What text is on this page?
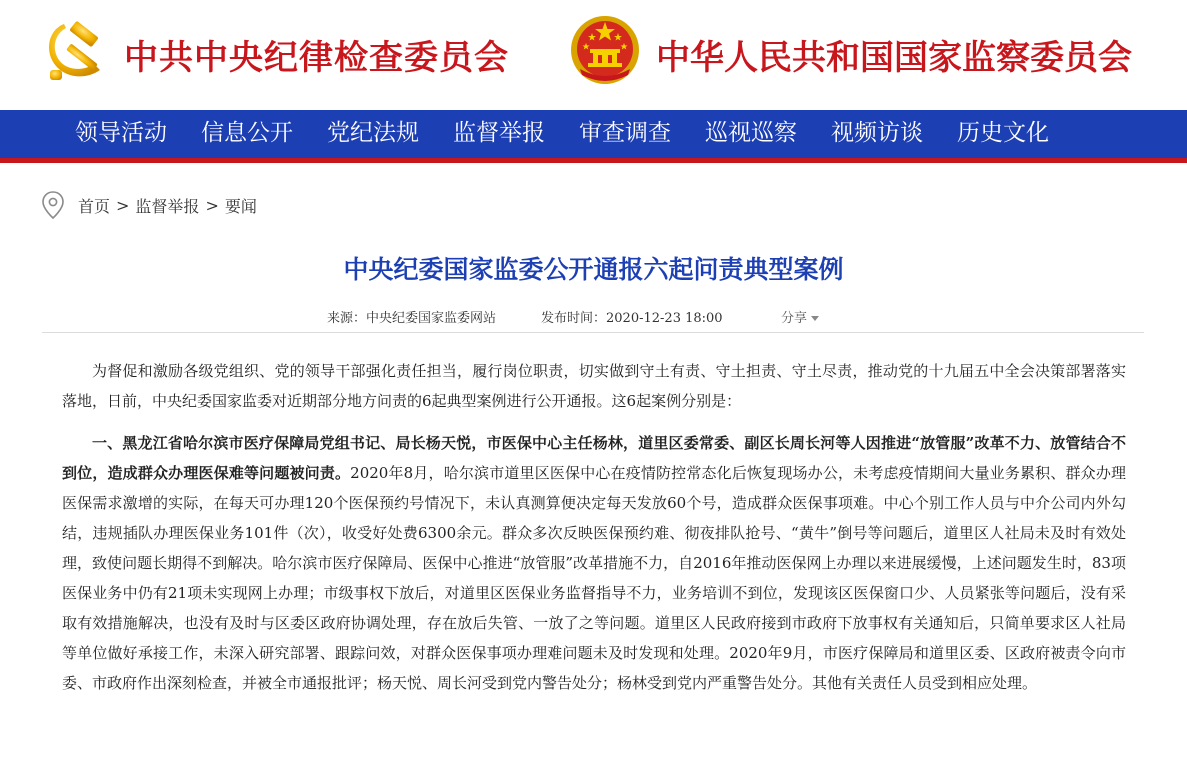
中共中央纪律检查委员会	中华人民共和国国家监察委员会
领导活动	信息公开	党纪法规	监督举报	审查调查	巡视巡察	视频访谈	历史文化
首页 > 监督举报 > 要闻
中央纪委国家监委公开通报六起问责典型案例
来源：中央纪委国家监委网站	发布时间：2020-12-23 18:00	分享

为督促和激励各级党组织、党的领导干部强化责任担当，履行岗位职责，切实做到守土有责、守土担责、守土尽责，推动党的十九届五中全会决策部署落实落地，日前，中央纪委国家监委对近期部分地方问责的6起典型案例进行公开通报。这6起案例分别是：

一、黑龙江省哈尔滨市医疗保障局党组书记、局长杨天悦，市医保中心主任杨林，道里区委常委、副区长周长河等人因推进“放管服”改革不力、放管结合不到位，造成群众办理医保难等问题被问责。2020年8月，哈尔滨市道里区医保中心在疫情防控常态化后恢复现场办公，未考虑疫情期间大量业务累积、群众办理医保需求激增的实际，在每天可办理120个医保预约号情况下，未认真测算便决定每天发放60个号，造成群众医保事项难。中心个别工作人员与中介公司内外勾结，违规插队办理医保业务101件（次），收受好处费6300余元。群众多次反映医保预约难、彻夜排队抢号、“黄牛”倒号等问题后，道里区人社局未及时有效处理，致使问题长期得不到解决。哈尔滨市医疗保障局、医保中心推进“放管服”改革措施不力，自2016年推动医保网上办理以来进展缓慢，上述问题发生时，83项医保业务中仍有21项未实现网上办理；市级事权下放后，对道里区医保业务监督指导不力，业务培训不到位，发现该区医保窗口少、人员紧张等问题后，没有采取有效措施解决，也没有及时与区委区政府协调处理，存在放后失管、一放了之等问题。道里区人民政府接到市政府下放事权有关通知后，只简单要求区人社局等单位做好承接工作，未深入研究部署、跟踪问效，对群众医保事项办理难问题未及时发现和处理。2020年9月，市医疗保障局和道里区委、区政府被责令向市委、市政府作出深刻检查，并被全市通报批评；杨天悦、周长河受到党内警告处分；杨林受到党内严重警告处分。其他有关责任人员受到相应处理。
